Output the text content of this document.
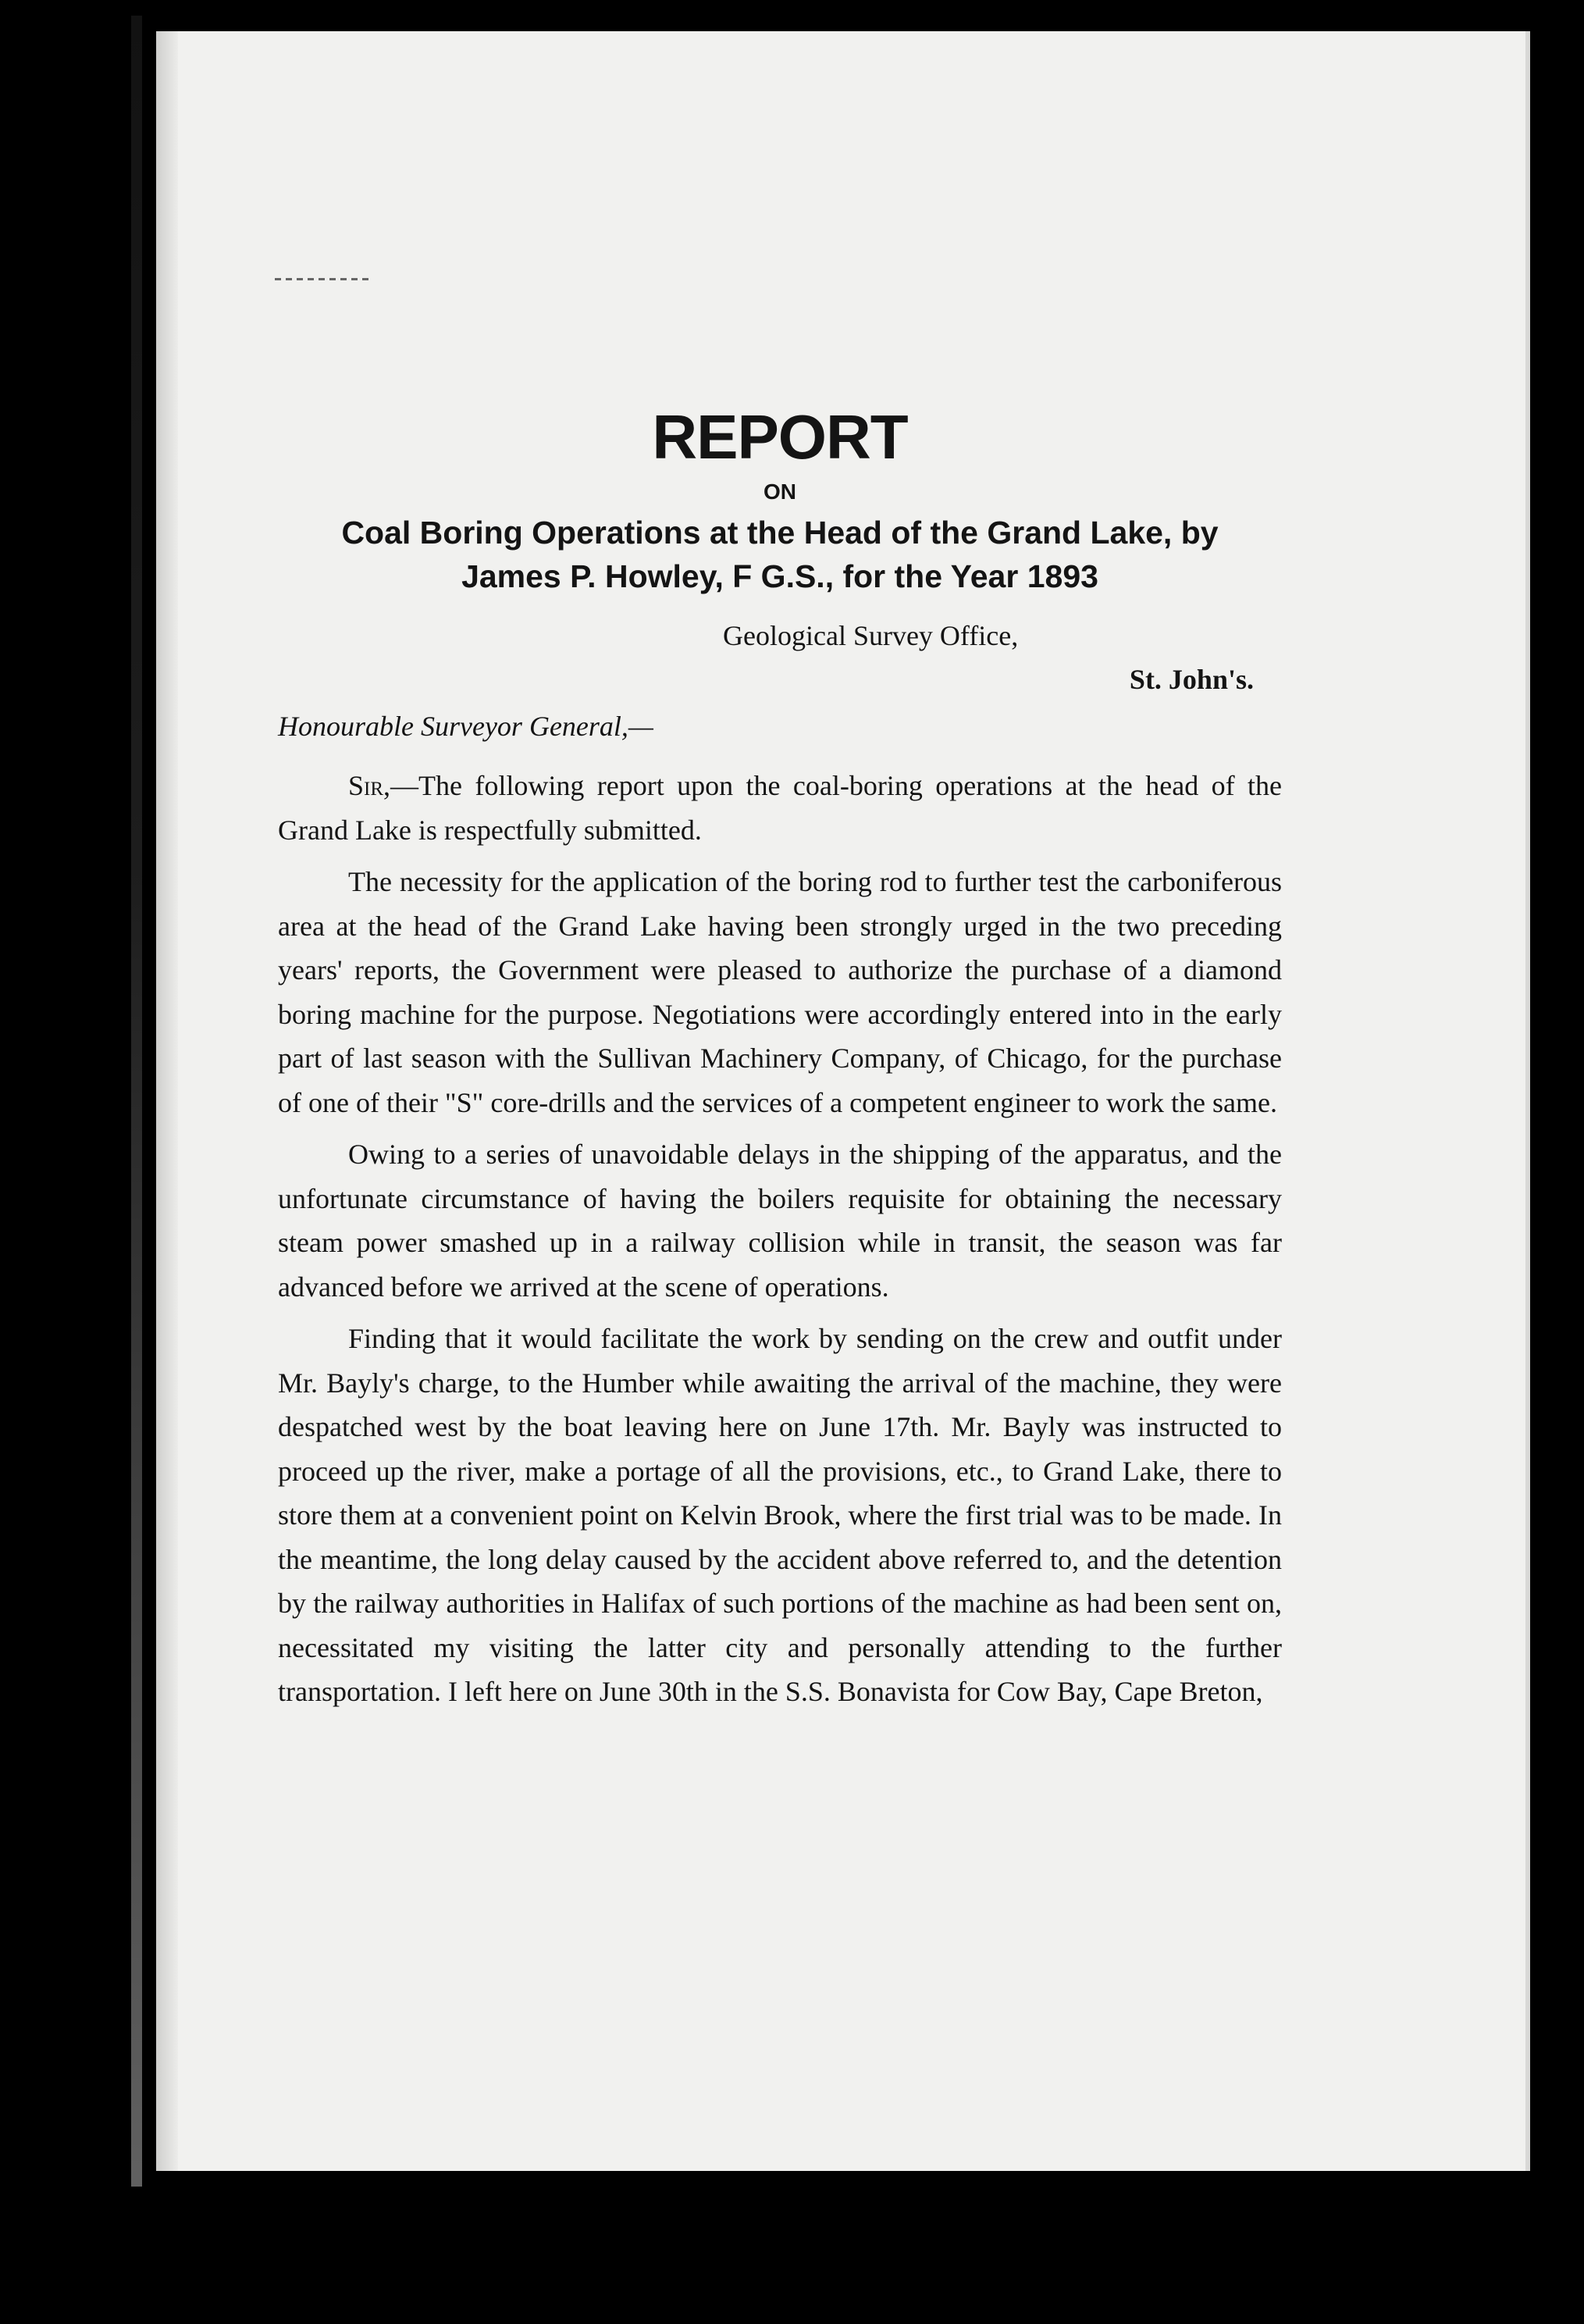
REPORT
ON
Coal Boring Operations at the Head of the Grand Lake, by
James P. Howley, F G.S., for the Year 1893
Geological Survey Office,
St. John's.
Honourable Surveyor General,—

Sir,—The following report upon the coal-boring operations at the head of the Grand Lake is respectfully submitted.

The necessity for the application of the boring rod to further test the carboniferous area at the head of the Grand Lake having been strongly urged in the two preceding years' reports, the Government were pleased to authorize the purchase of a diamond boring machine for the purpose. Negotiations were accordingly entered into in the early part of last season with the Sullivan Machinery Company, of Chicago, for the purchase of one of their "S" core-drills and the services of a competent engineer to work the same.

Owing to a series of unavoidable delays in the shipping of the apparatus, and the unfortunate circumstance of having the boilers requisite for obtaining the necessary steam power smashed up in a railway collision while in transit, the season was far advanced before we arrived at the scene of operations.

Finding that it would facilitate the work by sending on the crew and outfit under Mr. Bayly's charge, to the Humber while awaiting the arrival of the machine, they were despatched west by the boat leaving here on June 17th. Mr. Bayly was instructed to proceed up the river, make a portage of all the provisions, etc., to Grand Lake, there to store them at a convenient point on Kelvin Brook, where the first trial was to be made. In the meantime, the long delay caused by the accident above referred to, and the detention by the railway authorities in Halifax of such portions of the machine as had been sent on, necessitated my visiting the latter city and personally attending to the further transportation. I left here on June 30th in the S.S. Bonavista for Cow Bay, Cape Breton,
